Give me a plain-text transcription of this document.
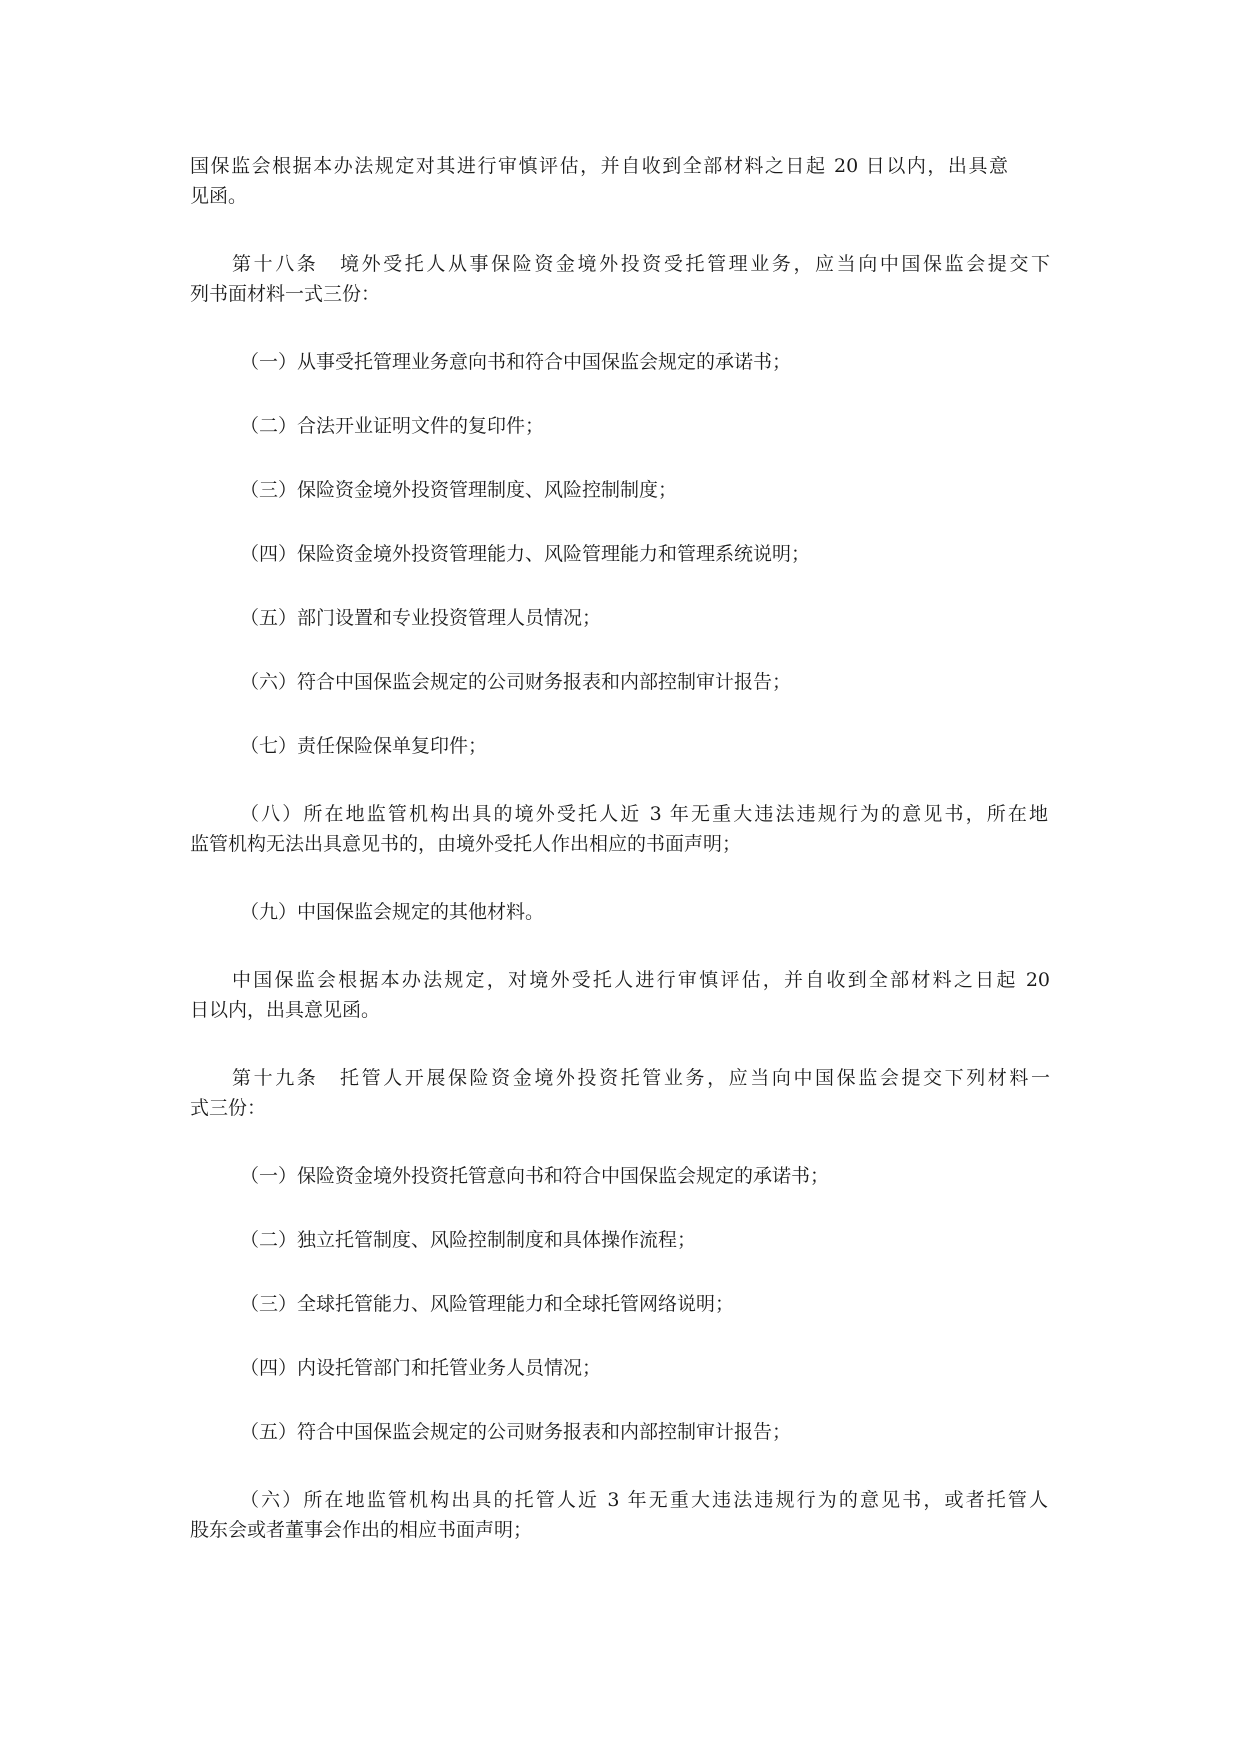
国保监会根据本办法规定对其进行审慎评估，并自收到全部材料之日起 20 日以内，出具意
见函。
第十八条　境外受托人从事保险资金境外投资受托管理业务，应当向中国保监会提交下
列书面材料一式三份：
（一）从事受托管理业务意向书和符合中国保监会规定的承诺书；
（二）合法开业证明文件的复印件；
（三）保险资金境外投资管理制度、风险控制制度；
（四）保险资金境外投资管理能力、风险管理能力和管理系统说明；
（五）部门设置和专业投资管理人员情况；
（六）符合中国保监会规定的公司财务报表和内部控制审计报告；
（七）责任保险保单复印件；
（八）所在地监管机构出具的境外受托人近 3 年无重大违法违规行为的意见书，所在地
监管机构无法出具意见书的，由境外受托人作出相应的书面声明；
（九）中国保监会规定的其他材料。
中国保监会根据本办法规定，对境外受托人进行审慎评估，并自收到全部材料之日起 20
日以内，出具意见函。
第十九条　托管人开展保险资金境外投资托管业务，应当向中国保监会提交下列材料一
式三份：
（一）保险资金境外投资托管意向书和符合中国保监会规定的承诺书；
（二）独立托管制度、风险控制制度和具体操作流程；
（三）全球托管能力、风险管理能力和全球托管网络说明；
（四）内设托管部门和托管业务人员情况；
（五）符合中国保监会规定的公司财务报表和内部控制审计报告；
（六）所在地监管机构出具的托管人近 3 年无重大违法违规行为的意见书，或者托管人
股东会或者董事会作出的相应书面声明；
